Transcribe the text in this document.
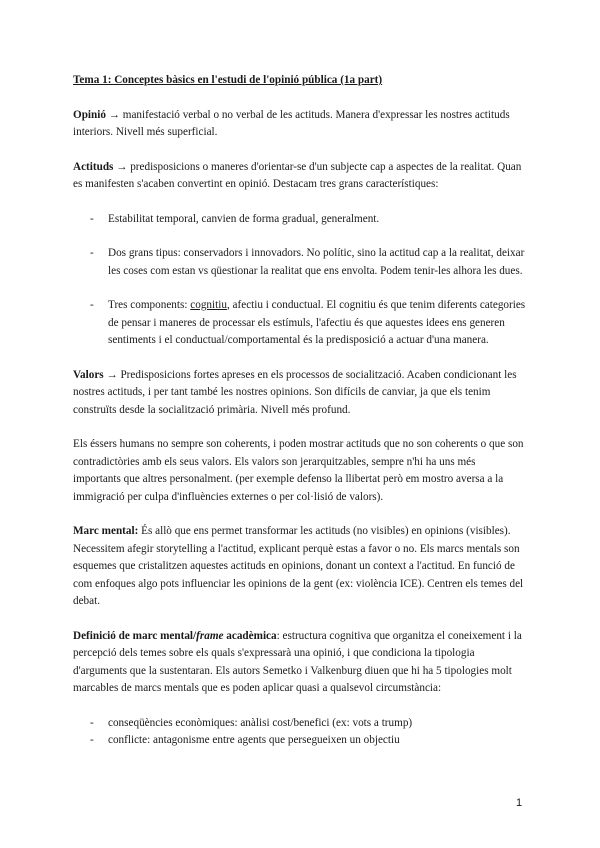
Tema 1: Conceptes bàsics en l'estudi de l'opinió pública (1a part)

Opinió → manifestació verbal o no verbal de les actituds. Manera d'expressar les nostres actituds interiors. Nivell més superficial.

Actituds → predisposicions o maneres d'orientar-se d'un subjecte cap a aspectes de la realitat. Quan es manifesten s'acaben convertint en opinió. Destacam tres grans característiques:

- Estabilitat temporal, canvien de forma gradual, generalment.
- Dos grans tipus: conservadors i innovadors. No polític, sino la actitud cap a la realitat, deixar les coses com estan vs qüestionar la realitat que ens envolta. Podem tenir-les alhora les dues.
- Tres components: cognitiu, afectiu i conductual. El cognitiu és que tenim diferents categories de pensar i maneres de processar els estímuls, l'afectiu és que aquestes idees ens generen sentiments i el conductual/comportamental és la predisposició a actuar d'una manera.

Valors → Predisposicions fortes apreses en els processos de socialització. Acaben condicionant les nostres actituds, i per tant també les nostres opinions. Son difícils de canviar, ja que els tenim construïts desde la socialització primària. Nivell més profund.

Els éssers humans no sempre son coherents, i poden mostrar actituds que no son coherents o que son contradictòries amb els seus valors. Els valors son jerarquitzables, sempre n'hi ha uns més importants que altres personalment. (per exemple defenso la llibertat però em mostro aversa a la immigració per culpa d'influències externes o per col·lisió de valors).

Marc mental: És allò que ens permet transformar les actituds (no visibles) en opinions (visibles). Necessitem afegir storytelling a l'actitud, explicant perquè estas a favor o no. Els marcs mentals son esquemes que cristalitzen aquestes actituds en opinions, donant un context a l'actitud. En funció de com enfoques algo pots influenciar les opinions de la gent (ex: violència ICE). Centren els temes del debat.

Definició de marc mental/frame acadèmica: estructura cognitiva que organitza el coneixement i la percepció dels temes sobre els quals s'expressarà una opinió, i que condiciona la tipologia d'arguments que la sustentaran. Els autors Semetko i Valkenburg diuen que hi ha 5 tipologies molt marcables de marcs mentals que es poden aplicar quasi a qualsevol circumstància:

- conseqüències econòmiques: anàlisi cost/benefici (ex: vots a trump)
- conflicte: antagonisme entre agents que persegueixen un objectiu
1
